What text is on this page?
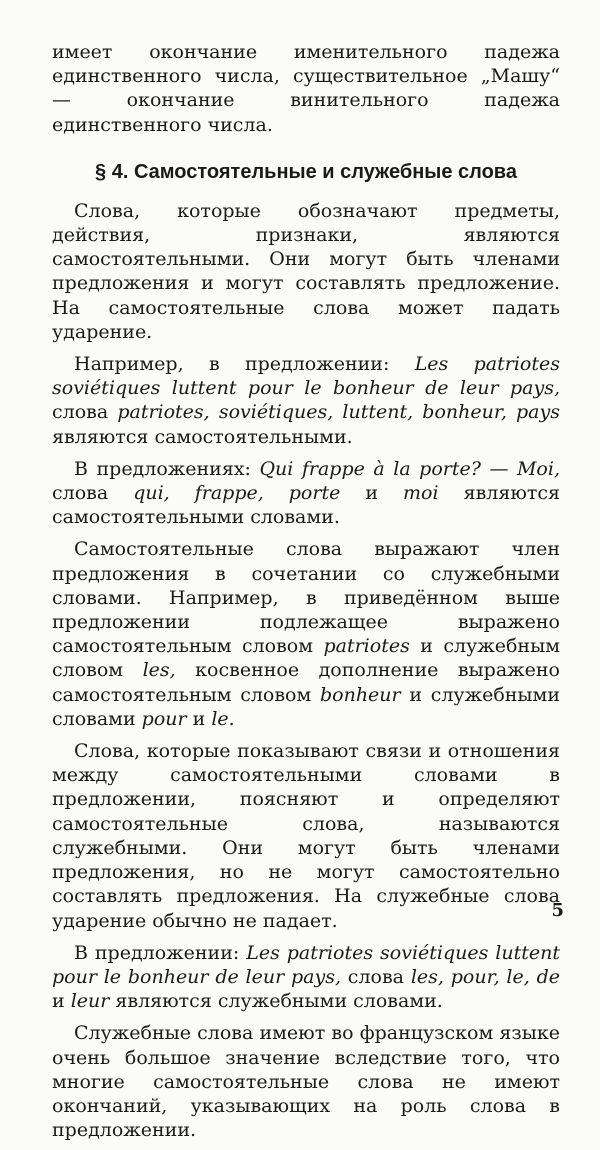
имеет окончание именительного падежа единственного числа, существительное „Машу“ — окончание винительного падежа единственного числа.

§ 4. Самостоятельные и служебные слова

Слова, которые обозначают предметы, действия, признаки, являются самостоятельными. Они могут быть членами предложения и могут составлять предложение. На самостоятельные слова может падать ударение.

Например, в предложении: Les patriotes soviétiques luttent pour le bonheur de leur pays, слова patriotes, soviétiques, luttent, bonheur, pays являются самостоятельными.

В предложениях: Qui frappe à la porte? — Moi, слова qui, frappe, porte и moi являются самостоятельными словами.

Самостоятельные слова выражают член предложения в сочетании со служебными словами. Например, в приведённом выше предложении подлежащее выражено самостоятельным словом patriotes и служебным словом les, косвенное дополнение выражено самостоятельным словом bonheur и служебными словами pour и le.

Слова, которые показывают связи и отношения между самостоятельными словами в предложении, поясняют и определяют самостоятельные слова, называются служебными. Они могут быть членами предложения, но не могут самостоятельно составлять предложения. На служебные слова ударение обычно не падает.

В предложении: Les patriotes soviétiques luttent pour le bonheur de leur pays, слова les, pour, le, de и leur являются служебными словами.

Служебные слова имеют во французском языке очень большое значение вследствие того, что многие самостоятельные слова не имеют окончаний, указывающих на роль слова в предложении.

5
